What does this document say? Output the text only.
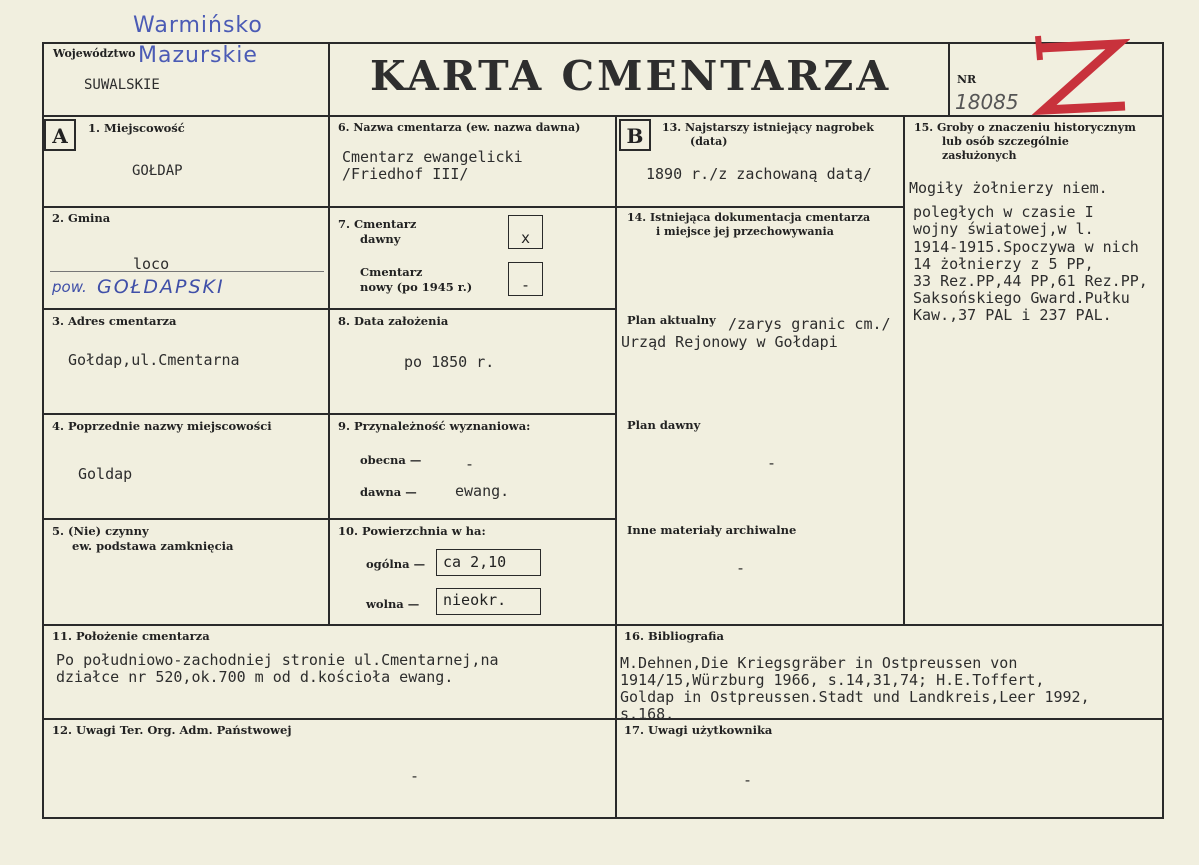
Województwo
SUWALSKIE
Warmińsko
Mazurskie	KARTA CMENTARZA	NR
18085
A	B
1. Miejscowość
GOŁDAP
2. Gmina
loco
pow. GOŁDAPSKI
3. Adres cmentarza
Gołdap,ul.Cmentarna
4. Poprzednie nazwy miejscowości
Goldap
5. (Nie) czynny
ew. podstawa zamknięcia
6. Nazwa cmentarza (ew. nazwa dawna)
Cmentarz ewangelicki
/Friedhof III/
7. Cmentarz
dawny	x
Cmentarz
nowy (po 1945 r.)	-
8. Data założenia
po 1850 r.
9. Przynależność wyznaniowa:
obecna —	-
dawna —	ewang.
10. Powierzchnia w ha:
ogólna —	ca 2,10
wolna —	nieokr.
13. Najstarszy istniejący nagrobek
(data)
1890 r./z zachowaną datą/
14. Istniejąca dokumentacja cmentarza
i miejsce jej przechowywania
Plan aktualny /zarys granic cm./
Urząd Rejonowy w Gołdapi
Plan dawny
-
Inne materiały archiwalne
-
15. Groby o znaczeniu historycznym
lub osób szczególnie
zasłużonych
Mogiły żołnierzy niem.
poległych w czasie I
wojny światowej,w l.
1914-1915.Spoczywa w nich
14 żołnierzy z 5 PP,
33 Rez.PP,44 PP,61 Rez.PP,
Saksońskiego Gward.Pułku
Kaw.,37 PAL i 237 PAL.
11. Położenie cmentarza
Po południowo-zachodniej stronie ul.Cmentarnej,na
działce nr 520,ok.700 m od d.kościoła ewang.
16. Bibliografia
M.Dehnen,Die Kriegsgräber in Ostpreussen von
1914/15,Würzburg 1966, s.14,31,74; H.E.Toffert,
Goldap in Ostpreussen.Stadt und Landkreis,Leer 1992,
s.168.
12. Uwagi Ter. Org. Adm. Państwowej
-
17. Uwagi użytkownika
-
